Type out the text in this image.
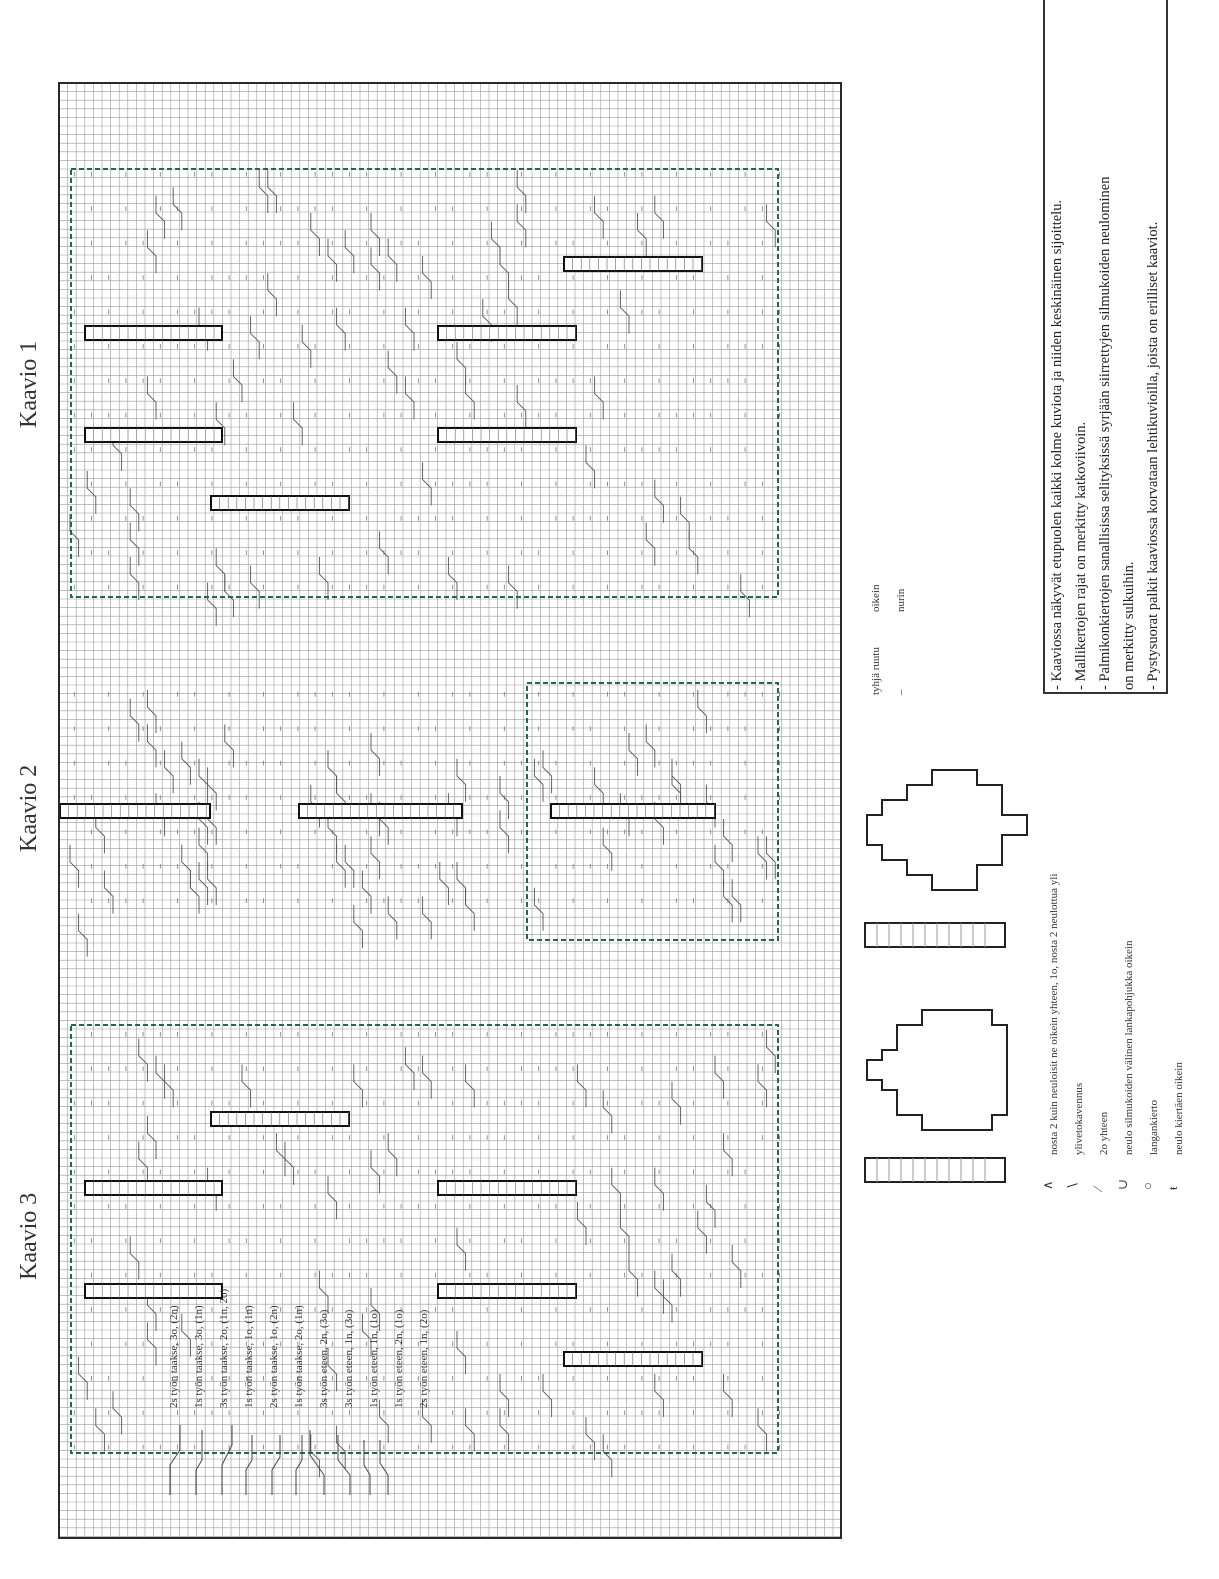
Kaavio 1
Kaavio 2
Kaavio 3
2s työn taakse, 3o, (2n) 1s työn taakse, 3o, (1n) 3s työn taakse, 2o, (1n, 2o) 1s työn taakse, 1o, (1n) 2s työn taakse, 1o, (2n) 1s työn taakse, 2o, (1n) 3s työn eteen, 2n, (3o) 3s työn eteen, 1n, (3o) 1s työn eteen, 1n, (1o) 1s työn eteen, 2n, (1o) 2s työn eteen, 1n, (2o)
∧ ∖ ∕ ∪ ○ ŧ
nosta 2 kuin neuloisit ne oikein yhteen, 1o, nosta 2 neulottua yli ylivetokavennus 2o yhteen neulo silmukoiden välinen lankapohjukka oikein langankierto neulo kiertäen oikein
tyhjä ruutu
oikein
–
nurin	- Kaaviossa näkyvät etupuolen kaikki kolme kuviota ja niiden keskinäinen sijoittelu. - Mallikertojen rajat on merkitty katkoviivoin. - Palmikonkiertojen sanallisissa selityksissä syrjään siirrettyjen silmukoiden neulominen on merkitty sulkuihin. - Pystysuorat palkit kaaviossa korvataan lehtikuvioilla, joista on erilliset kaaviot.
